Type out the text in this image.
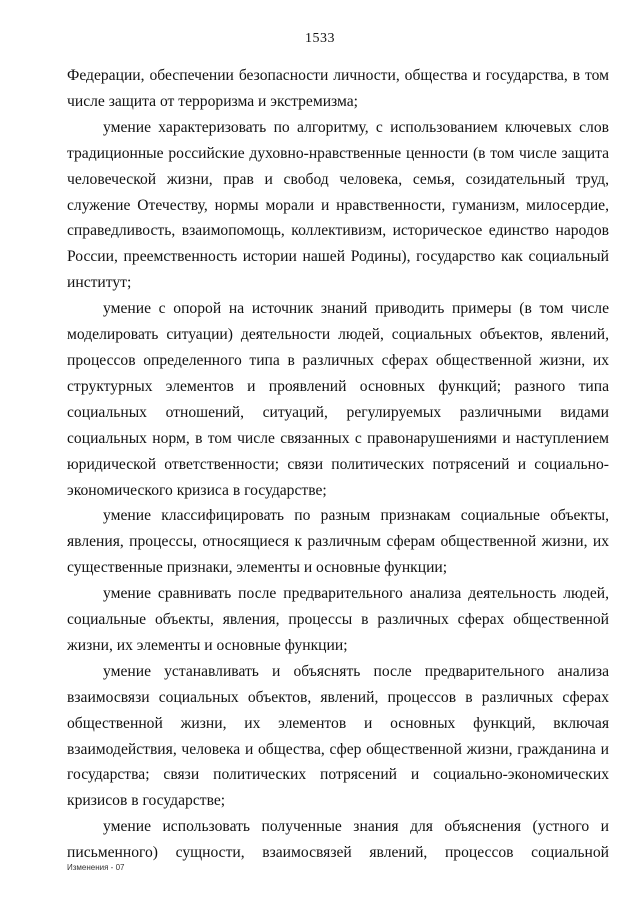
1533

Федерации, обеспечении безопасности личности, общества и государства, в том числе защита от терроризма и экстремизма;

умение характеризовать по алгоритму, с использованием ключевых слов традиционные российские духовно-нравственные ценности (в том числе защита человеческой жизни, прав и свобод человека, семья, созидательный труд, служение Отечеству, нормы морали и нравственности, гуманизм, милосердие, справедливость, взаимопомощь, коллективизм, историческое единство народов России, преемственность истории нашей Родины), государство как социальный институт;

умение с опорой на источник знаний приводить примеры (в том числе моделировать ситуации) деятельности людей, социальных объектов, явлений, процессов определенного типа в различных сферах общественной жизни, их структурных элементов и проявлений основных функций; разного типа социальных отношений, ситуаций, регулируемых различными видами социальных норм, в том числе связанных с правонарушениями и наступлением юридической ответственности; связи политических потрясений и социально-экономического кризиса в государстве;

умение классифицировать по разным признакам социальные объекты, явления, процессы, относящиеся к различным сферам общественной жизни, их существенные признаки, элементы и основные функции;

умение сравнивать после предварительного анализа деятельность людей, социальные объекты, явления, процессы в различных сферах общественной жизни, их элементы и основные функции;

умение устанавливать и объяснять после предварительного анализа взаимосвязи социальных объектов, явлений, процессов в различных сферах общественной жизни, их элементов и основных функций, включая взаимодействия, человека и общества, сфер общественной жизни, гражданина и государства; связи политических потрясений и социально-экономических кризисов в государстве;

умение использовать полученные знания для объяснения (устного и письменного) сущности, взаимосвязей явлений, процессов социальной

Изменения - 07
